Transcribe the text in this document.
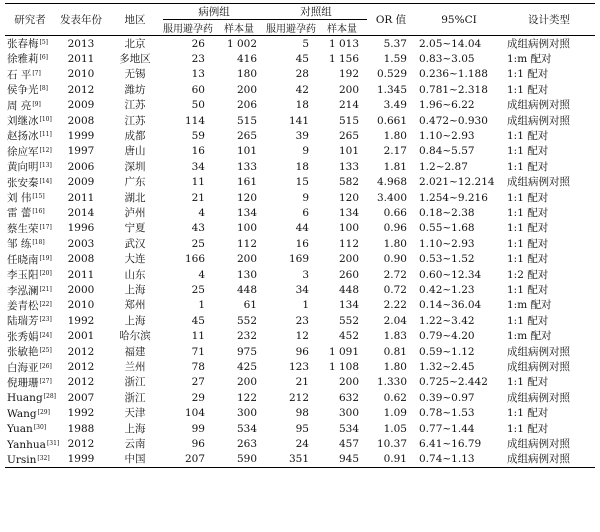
研究者	发表年份	地区	病例组		对照组		OR 值	95%CI	设计类型
			服用避孕药	样本量	服用避孕药	样本量			
张春梅[5]	2013	北京	26	1 002	5	1 013	5.37	2.05~14.04	成组病例对照
徐雅莉[6]	2011	多地区	23	416	45	1 156	1.59	0.83~3.05	1:m 配对
石 平[7]	2010	无锡	13	180	28	192	0.529	0.236~1.188	1:1 配对
侯争光[8]	2012	潍坊	60	200	42	200	1.345	0.781~2.318	1:1 配对
周 亮[9]	2009	江苏	50	206	18	214	3.49	1.96~6.22	成组病例对照
刘继冰[10]	2008	江苏	114	515	141	515	0.661	0.472~0.930	成组病例对照
赵扬冰[11]	1999	成都	59	265	39	265	1.80	1.10~2.93	1:1 配对
徐应军[12]	1997	唐山	16	101	9	101	2.17	0.84~5.57	1:1 配对
黄向明[13]	2006	深圳	34	133	18	133	1.81	1.2~2.87	1:1 配对
张安秦[14]	2009	广东	11	161	15	582	4.968	2.021~12.214	成组病例对照
刘 伟[15]	2011	湖北	21	120	9	120	3.400	1.254~9.216	1:1 配对
雷 蕾[16]	2014	泸州	4	134	6	134	0.66	0.18~2.38	1:1 配对
蔡生荣[17]	1996	宁夏	43	100	44	100	0.96	0.55~1.68	1:1 配对
邹 练[18]	2003	武汉	25	112	16	112	1.80	1.10~2.93	1:1 配对
任晓南[19]	2008	大连	166	200	169	200	0.90	0.53~1.52	1:1 配对
李玉阳[20]	2011	山东	4	130	3	260	2.72	0.60~12.34	1:2 配对
李泓澜[21]	2000	上海	25	448	34	448	0.72	0.42~1.23	1:1 配对
姜青松[22]	2010	郑州	1	61	1	134	2.22	0.14~36.04	1:m 配对
陆瑞芳[23]	1992	上海	45	552	23	552	2.04	1.22~3.42	1:1 配对
张秀娟[24]	2001	哈尔滨	11	232	12	452	1.83	0.79~4.20	1:m 配对
张敏艳[25]	2012	福建	71	975	96	1 091	0.81	0.59~1.12	成组病例对照
白海亚[26]	2012	兰州	78	425	123	1 108	1.80	1.32~2.45	成组病例对照
倪珊珊[27]	2012	浙江	27	200	21	200	1.330	0.725~2.442	1:1 配对
Huang[28]	2007	浙江	29	122	212	632	0.62	0.39~0.97	成组病例对照
Wang[29]	1992	天津	104	300	98	300	1.09	0.78~1.53	1:1 配对
Yuan[30]	1988	上海	99	534	95	534	1.05	0.77~1.44	1:1 配对
Yanhua[31]	2012	云南	96	263	24	457	10.37	6.41~16.79	成组病例对照
Ursin[32]	1999	中国	207	590	351	945	0.91	0.74~1.13	成组病例对照
